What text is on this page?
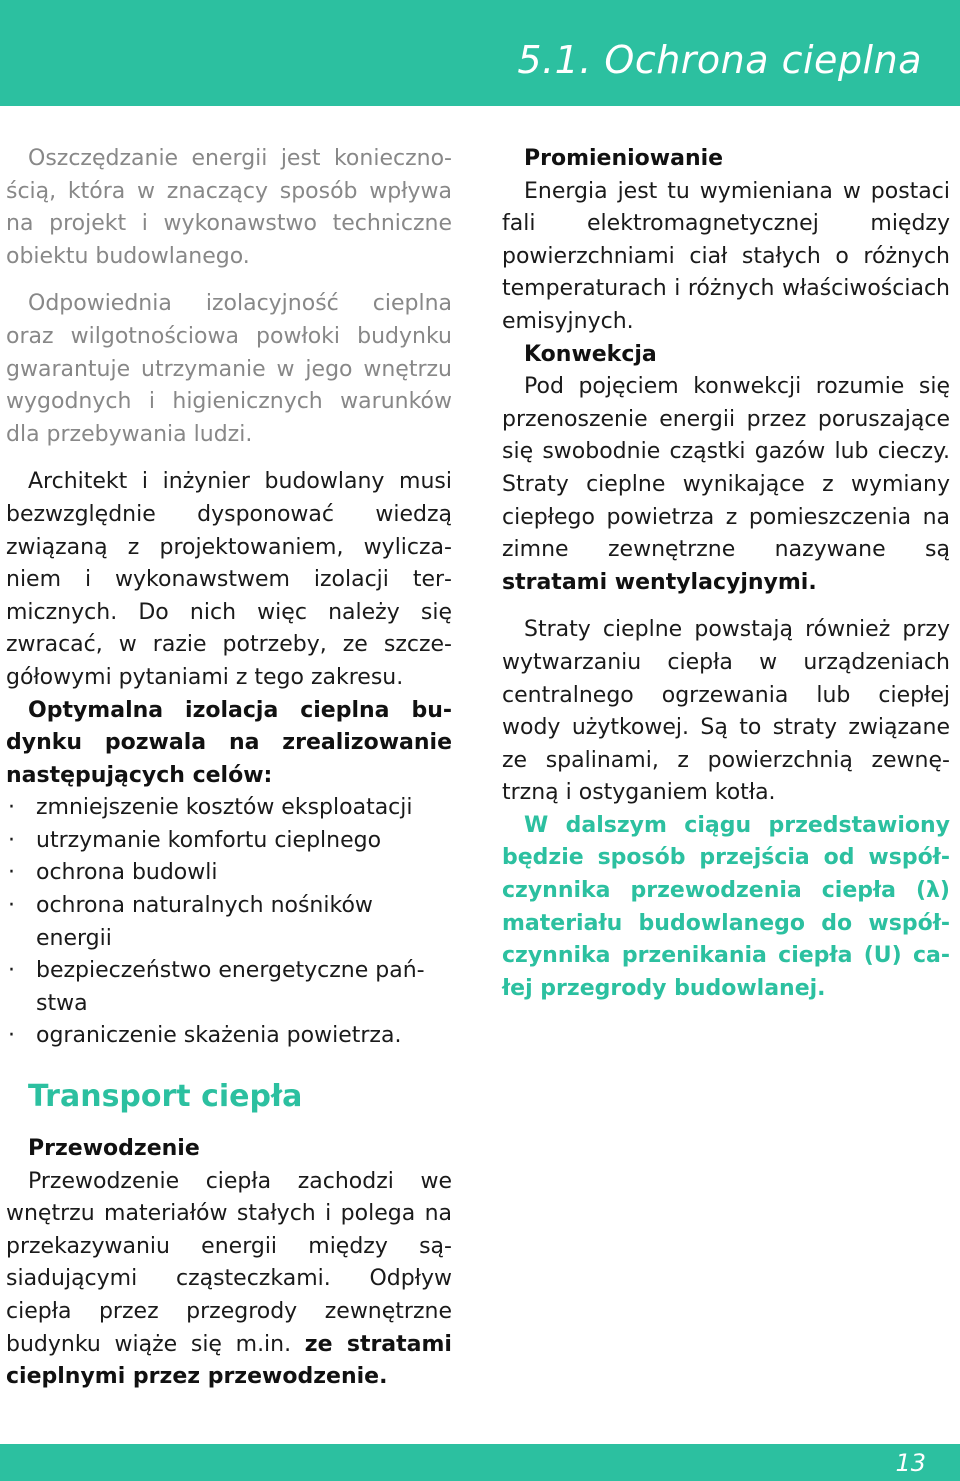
5.1. Ochrona cieplna

Oszczędzanie energii jest koniecznością, która w znaczący sposób wpływa na projekt i wykonawstwo techniczne obiektu budowlanego.

Odpowiednia izolacyjność cieplna oraz wilgotnościowa powłoki budynku gwarantuje utrzymanie w jego wnętrzu wygodnych i higienicznych warunków dla przebywania ludzi.

Architekt i inżynier budowlany musi bezwzględnie dysponować wiedzą związaną z projektowaniem, wyliczaniem i wykonawstwem izolacji termicznych. Do nich więc należy się zwracać, w razie potrzeby, ze szczegółowymi pytaniami z tego zakresu.

Optymalna izolacja cieplna budynku pozwala na zrealizowanie następujących celów:

· zmniejszenie kosztów eksploatacji
· utrzymanie komfortu cieplnego
· ochrona budowli
· ochrona naturalnych nośników energii
· bezpieczeństwo energetyczne państwa
· ograniczenie skażenia powietrza.
Transport ciepła

Przewodzenie

Przewodzenie ciepła zachodzi we wnętrzu materiałów stałych i polega na przekazywaniu energii między sąsiadującymi cząsteczkami. Odpływ ciepła przez przegrody zewnętrzne budynku wiąże się m.in. ze stratami cieplnymi przez przewodzenie.

Promieniowanie

Energia jest tu wymieniana w postaci fali elektromagnetycznej między powierzchniami ciał stałych o różnych temperaturach i różnych właściwościach emisyjnych.

Konwekcja

Pod pojęciem konwekcji rozumie się przenoszenie energii przez poruszające się swobodnie cząstki gazów lub cieczy. Straty cieplne wynikające z wymiany ciepłego powietrza z pomieszczenia na zimne zewnętrzne nazywane są stratami wentylacyjnymi.

Straty cieplne powstają również przy wytwarzaniu ciepła w urządzeniach centralnego ogrzewania lub ciepłej wody użytkowej. Są to straty związane ze spalinami, z powierzchnią zewnętrzną i ostyganiem kotła.

W dalszym ciągu przedstawiony będzie sposób przejścia od współczynnika przewodzenia ciepła (λ) materiału budowlanego do współczynnika przenikania ciepła (U) całej przegrody budowlanej.

13
